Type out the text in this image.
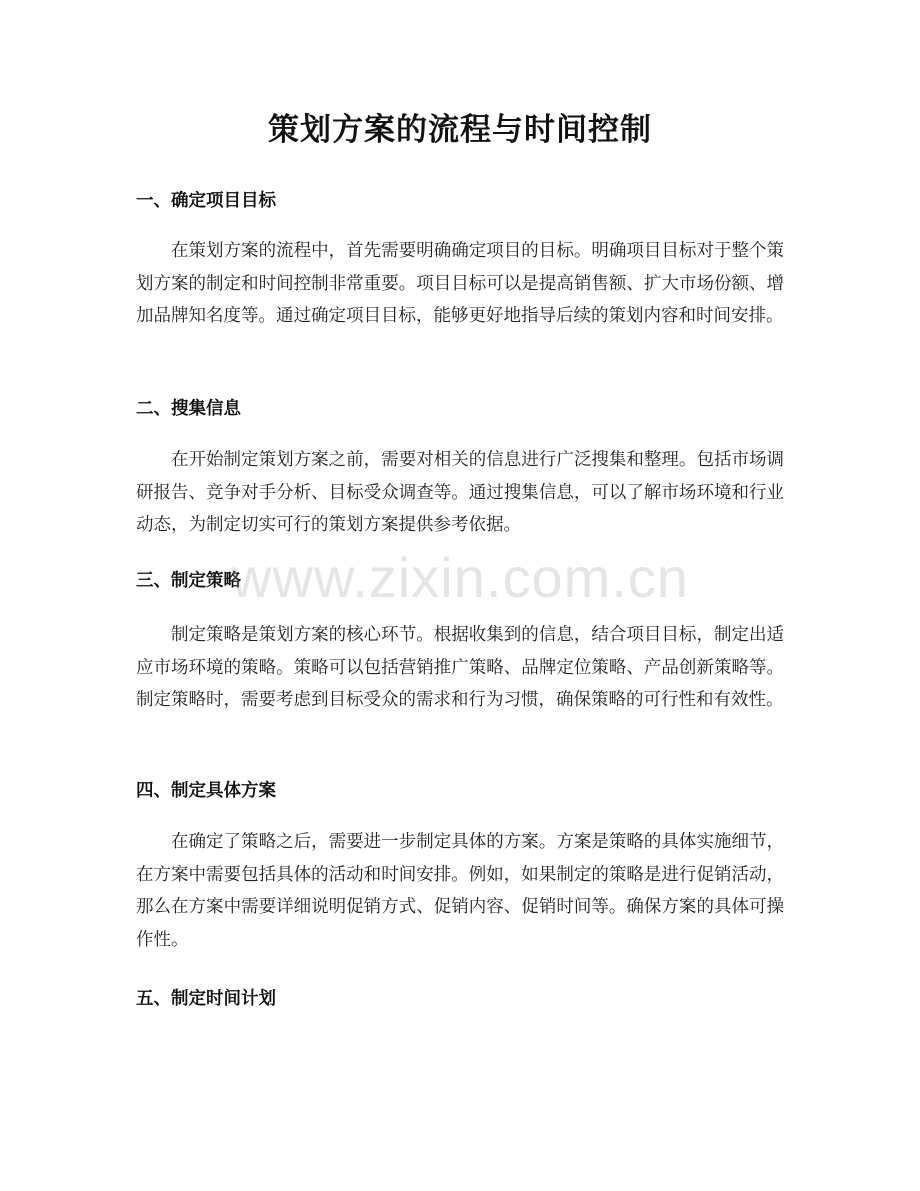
策划方案的流程与时间控制
一、确定项目目标

在策划方案的流程中，首先需要明确确定项目的目标。明确项目目标对于整个策划方案的制定和时间控制非常重要。项目目标可以是提高销售额、扩大市场份额、增加品牌知名度等。通过确定项目目标，能够更好地指导后续的策划内容和时间安排。

二、搜集信息

在开始制定策划方案之前，需要对相关的信息进行广泛搜集和整理。包括市场调研报告、竞争对手分析、目标受众调查等。通过搜集信息，可以了解市场环境和行业动态，为制定切实可行的策划方案提供参考依据。

三、制定策略

制定策略是策划方案的核心环节。根据收集到的信息，结合项目目标，制定出适应市场环境的策略。策略可以包括营销推广策略、品牌定位策略、产品创新策略等。制定策略时，需要考虑到目标受众的需求和行为习惯，确保策略的可行性和有效性。

四、制定具体方案

在确定了策略之后，需要进一步制定具体的方案。方案是策略的具体实施细节，在方案中需要包括具体的活动和时间安排。例如，如果制定的策略是进行促销活动，那么在方案中需要详细说明促销方式、促销内容、促销时间等。确保方案的具体可操作性。

五、制定时间计划
www.zixin.com.cn
